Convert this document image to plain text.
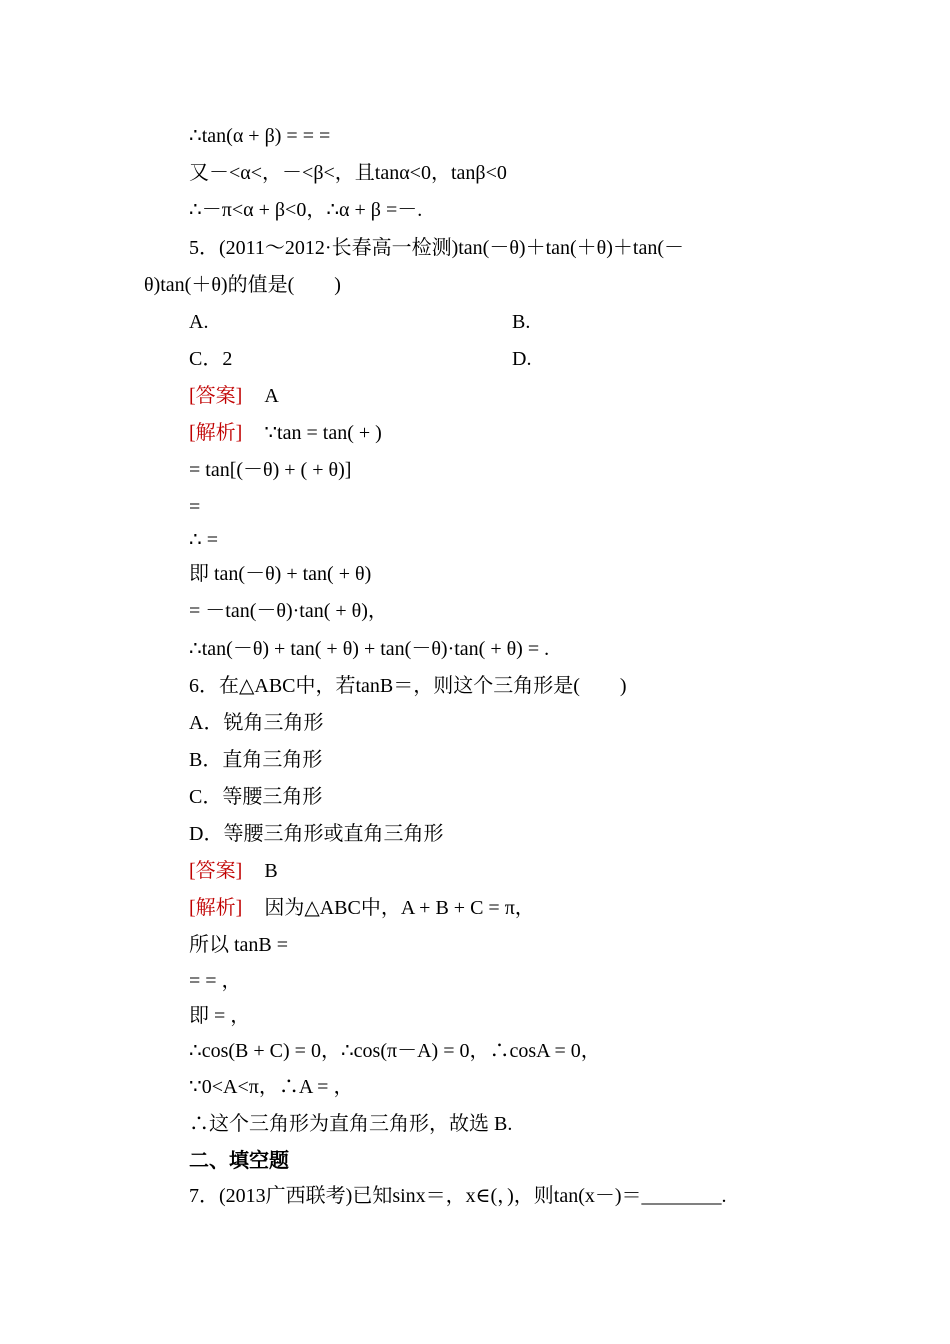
∴tan(α + β) = = =
又－<α<，－<β<，且tanα<0，tanβ<0
∴－π<α + β<0，∴α + β =－.
5．(2011～2012·长春高一检测)tan(－θ)＋tan(＋θ)＋tan(－
θ)tan(＋θ)的值是(　　)
A.	B.
C．2	D.
[答案] A
[解析] ∵tan = tan( + )
= tan[(－θ) + ( + θ)]
=
∴ =
即 tan(－θ) + tan( + θ)
= －tan(－θ)·tan( + θ)，
∴tan(－θ) + tan( + θ) + tan(－θ)·tan( + θ) = .
6．在△ABC中，若tanB＝，则这个三角形是(　　)
A．锐角三角形
B．直角三角形
C．等腰三角形
D．等腰三角形或直角三角形
[答案] B
[解析] 因为△ABC中，A + B + C = π，
所以 tanB =
= = ，
即 = ，
∴cos(B + C) = 0，∴cos(π－A) = 0，∴cosA = 0，
∵0<A<π，∴A = ，
∴这个三角形为直角三角形，故选 B.
二、填空题
7．(2013广西联考)已知sinx＝，x∈(，)，则tan(x－)＝________.
